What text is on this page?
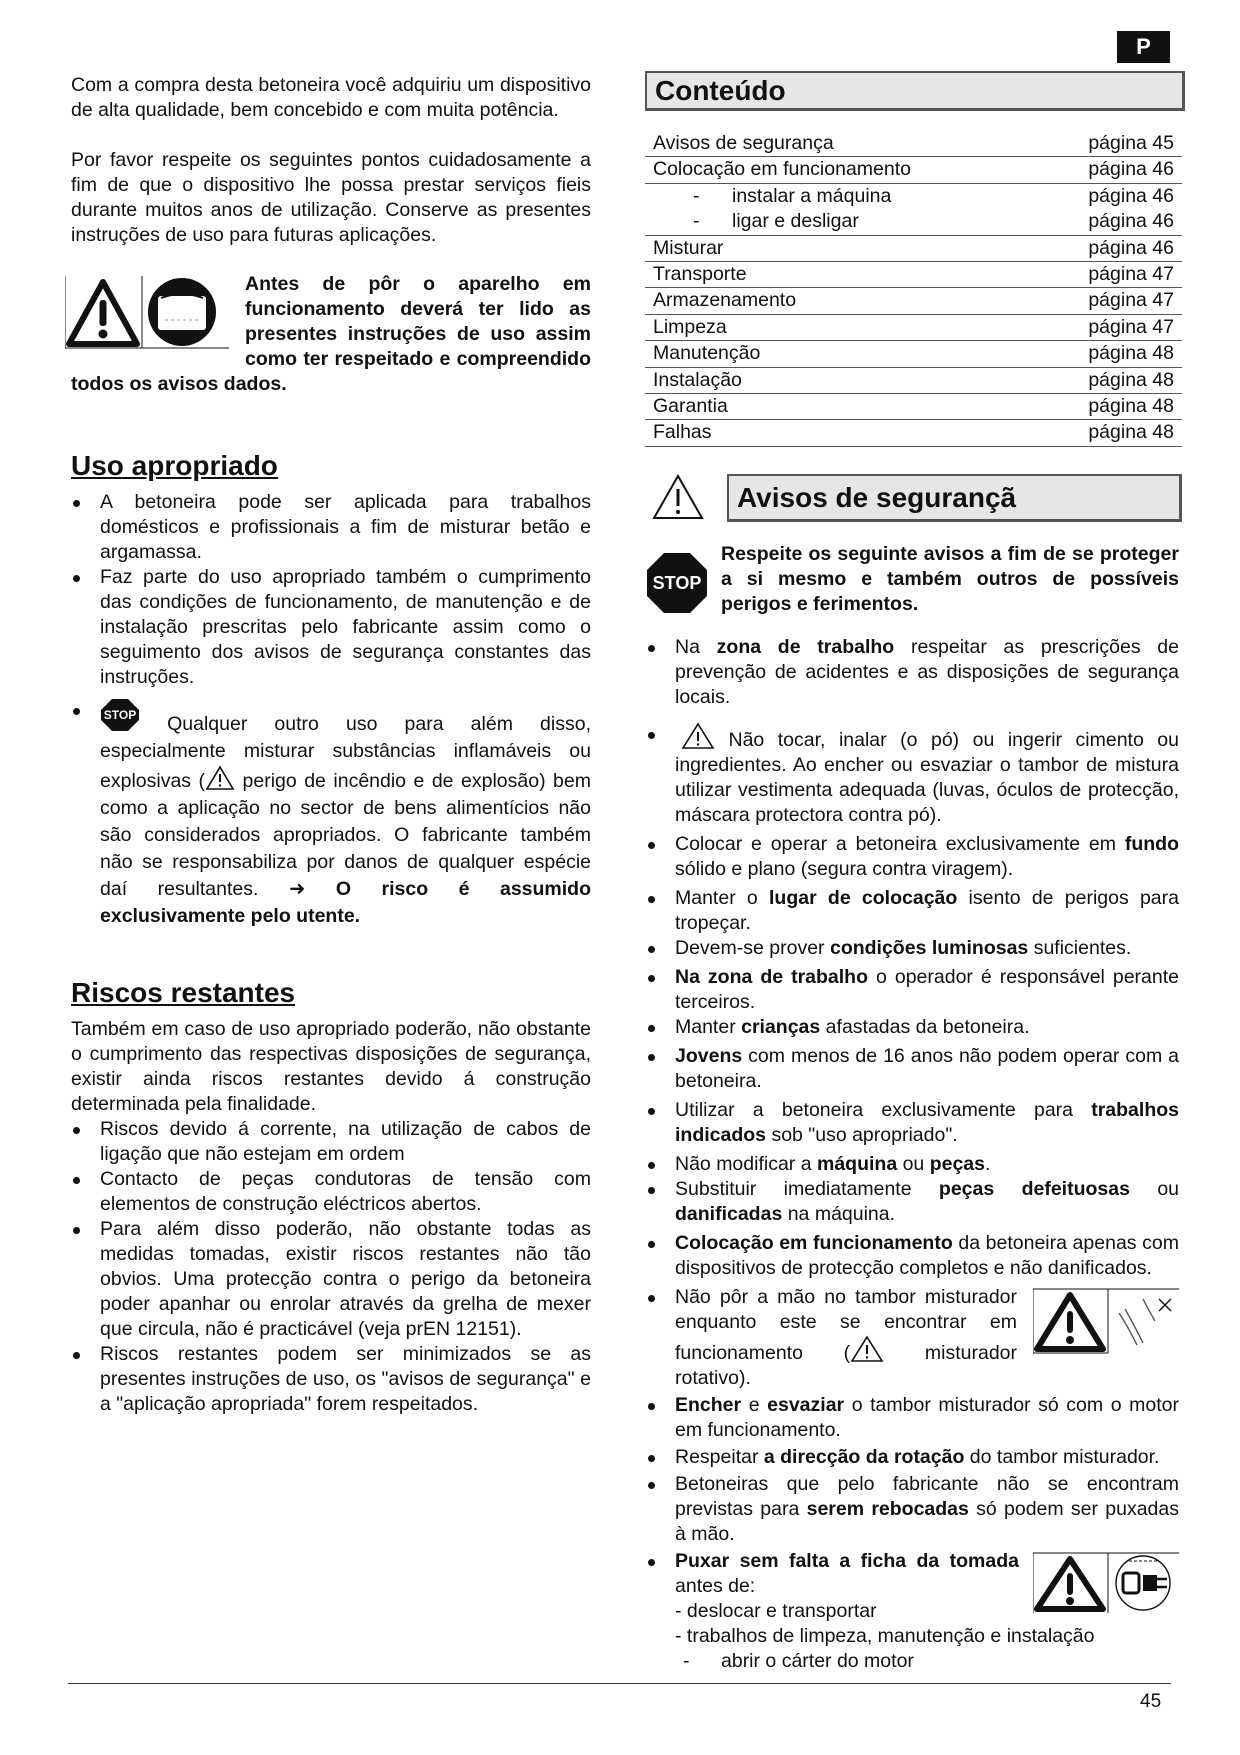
P

Com a compra desta betoneira você adquiriu um dispositivo de alta qualidade, bem concebido e com muita potência.

Por favor respeite os seguintes pontos cuidadosamente a fim de que o dispositivo lhe possa prestar serviços fieis durante muitos anos de utilização. Conserve as presentes instruções de uso para futuras aplicações.

Antes de pôr o aparelho em funcionamento deverá ter lido as presentes instruções de uso assim como ter respeitado e compreendido todos os avisos dados.

Uso apropriado
A betoneira pode ser aplicada para trabalhos domésticos e profissionais a fim de misturar betão e argamassa.
Faz parte do uso apropriado também o cumprimento das condições de funcionamento, de manutenção e de instalação prescritas pelo fabricante assim como o seguimento dos avisos de segurança constantes das instruções.
STOP Qualquer outro uso para além disso, especialmente misturar substâncias inflamáveis ou explosivas ( perigo de incêndio e de explosão) bem como a aplicação no sector de bens alimentícios não são considerados apropriados. O fabricante também não se responsabiliza por danos de qualquer espécie daí resultantes. ➜ O risco é assumido exclusivamente pelo utente.
Riscos restantes

Também em caso de uso apropriado poderão, não obstante o cumprimento das respectivas disposições de segurança, existir ainda riscos restantes devido á construção determinada pela finalidade.

Riscos devido á corrente, na utilização de cabos de ligação que não estejam em ordem
Contacto de peças condutoras de tensão com elementos de construção eléctricos abertos.
Para além disso poderão, não obstante todas as medidas tomadas, existir riscos restantes não tão obvios. Uma protecção contra o perigo da betoneira poder apanhar ou enrolar através da grelha de mexer que circula, não é practicável (veja prEN 12151).
Riscos restantes podem ser minimizados se as presentes instruções de uso, os "avisos de segurança" e a "aplicação apropriada" forem respeitados.
Conteúdo
Avisos de segurança	página 45
Colocação em funcionamento	página 46
- instalar a máquina	página 46
- ligar e desligar	página 46
Misturar	página 46
Transporte	página 47
Armazenamento	página 47
Limpeza	página 47
Manutenção	página 48
Instalação	página 48
Garantia	página 48
Falhas	página 48
Avisos de segurançã
STOP

Respeite os seguinte avisos a fim de se proteger a si mesmo e também outros de possíveis perigos e ferimentos.

Na zona de trabalho respeitar as prescrições de prevenção de acidentes e as disposições de segurança locais.
Não tocar, inalar (o pó) ou ingerir cimento ou ingredientes. Ao encher ou esvaziar o tambor de mistura utilizar vestimenta adequada (luvas, óculos de protecção, máscara protectora contra pó).
Colocar e operar a betoneira exclusivamente em fundo sólido e plano (segura contra viragem).
Manter o lugar de colocação isento de perigos para tropeçar.
Devem-se prover condições luminosas suficientes.
Na zona de trabalho o operador é responsável perante terceiros.
Manter crianças afastadas da betoneira.
Jovens com menos de 16 anos não podem operar com a betoneira.
Utilizar a betoneira exclusivamente para trabalhos indicados sob "uso apropriado".
Não modificar a máquina ou peças.
Substituir imediatamente peças defeituosas ou danificadas na máquina.
Colocação em funcionamento da betoneira apenas com dispositivos de protecção completos e não danificados.
Não pôr a mão no tambor misturador enquanto este se encontrar em funcionamento ( misturador rotativo).
Encher e esvaziar o tambor misturador só com o motor em funcionamento.
Respeitar a direcção da rotação do tambor misturador.
Betoneiras que pelo fabricante não se encontram previstas para serem rebocadas só podem ser puxadas à mão.
Puxar sem falta a ficha da tomada antes de:
- deslocar e transportar
- trabalhos de limpeza, manutenção e instalação
- abrir o cárter do motor
45
